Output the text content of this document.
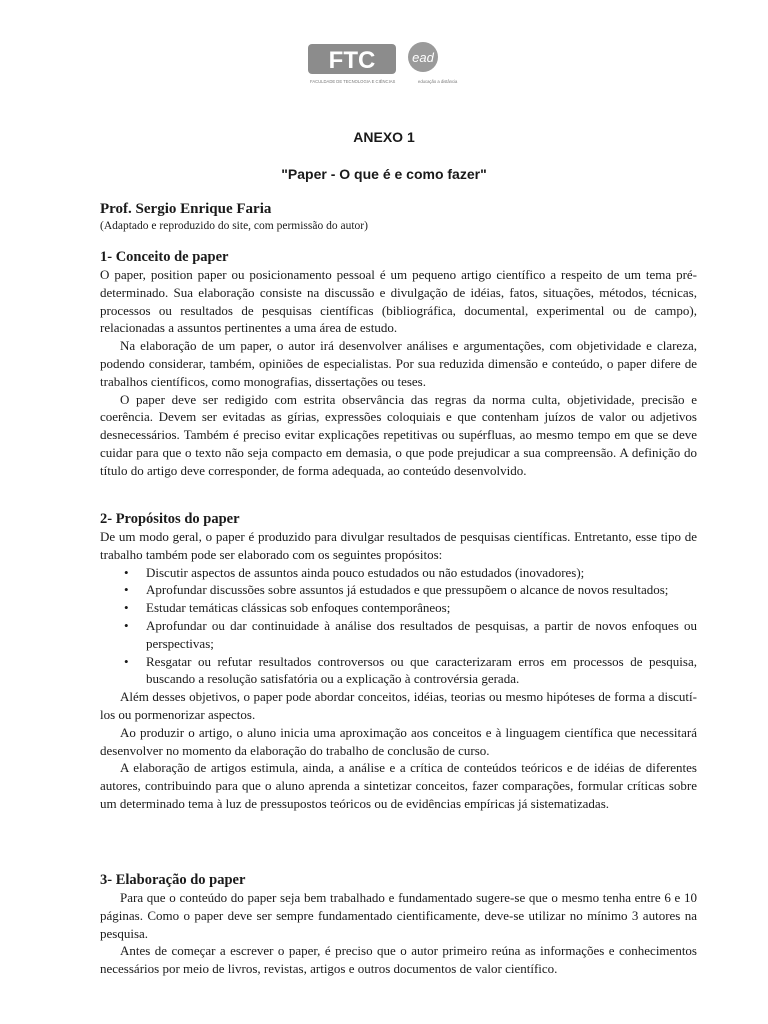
FTC
FACULDADE DE TECNOLOGIA E CIÊNCIAS
ead
educação a distância
ANEXO 1
"Paper - O que é e como fazer"
Prof. Sergio Enrique Faria
(Adaptado e reproduzido do site, com permissão do autor)
1- Conceito de paper

O paper, position paper ou posicionamento pessoal é um pequeno artigo científico a respeito de um tema pré-determinado. Sua elaboração consiste na discussão e divulgação de idéias, fatos, situações, métodos, técnicas, processos ou resultados de pesquisas científicas (bibliográfica, documental, experimental ou de campo), relacionadas a assuntos pertinentes a uma área de estudo.

Na elaboração de um paper, o autor irá desenvolver análises e argumentações, com objetividade e clareza, podendo considerar, também, opiniões de especialistas. Por sua reduzida dimensão e conteúdo, o paper difere de trabalhos científicos, como monografias, dissertações ou teses.

O paper deve ser redigido com estrita observância das regras da norma culta, objetividade, precisão e coerência. Devem ser evitadas as gírias, expressões coloquiais e que contenham juízos de valor ou adjetivos desnecessários. Também é preciso evitar explicações repetitivas ou supérfluas, ao mesmo tempo em que se deve cuidar para que o texto não seja compacto em demasia, o que pode prejudicar a sua compreensão. A definição do título do artigo deve corresponder, de forma adequada, ao conteúdo desenvolvido.

2- Propósitos do paper

De um modo geral, o paper é produzido para divulgar resultados de pesquisas científicas. Entretanto, esse tipo de trabalho também pode ser elaborado com os seguintes propósitos:

• Discutir aspectos de assuntos ainda pouco estudados ou não estudados (inovadores);
• Aprofundar discussões sobre assuntos já estudados e que pressupõem o alcance de novos resultados;
• Estudar temáticas clássicas sob enfoques contemporâneos;
• Aprofundar ou dar continuidade à análise dos resultados de pesquisas, a partir de novos enfoques ou perspectivas;
• Resgatar ou refutar resultados controversos ou que caracterizaram erros em processos de pesquisa, buscando a resolução satisfatória ou a explicação à controvérsia gerada.

Além desses objetivos, o paper pode abordar conceitos, idéias, teorias ou mesmo hipóteses de forma a discutí-los ou pormenorizar aspectos.

Ao produzir o artigo, o aluno inicia uma aproximação aos conceitos e à linguagem científica que necessitará desenvolver no momento da elaboração do trabalho de conclusão de curso.

A elaboração de artigos estimula, ainda, a análise e a crítica de conteúdos teóricos e de idéias de diferentes autores, contribuindo para que o aluno aprenda a sintetizar conceitos, fazer comparações, formular críticas sobre um determinado tema à luz de pressupostos teóricos ou de evidências empíricas já sistematizadas.

3- Elaboração do paper

Para que o conteúdo do paper seja bem trabalhado e fundamentado sugere-se que o mesmo tenha entre 6 e 10 páginas. Como o paper deve ser sempre fundamentado cientificamente, deve-se utilizar no mínimo 3 autores na pesquisa.

Antes de começar a escrever o paper, é preciso que o autor primeiro reúna as informações e conhecimentos necessários por meio de livros, revistas, artigos e outros documentos de valor científico.
